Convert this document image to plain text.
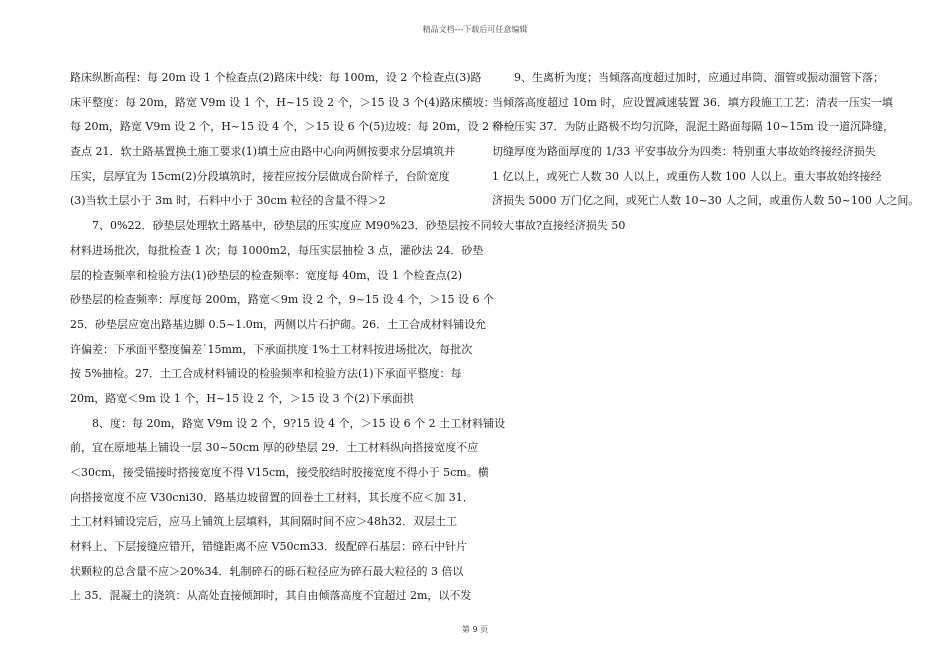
精品文档---下载后可任意编辑
路床纵断高程：每 20m 设 1 个检查点(2)路床中线：每 100m，设 2 个检查点(3)路
床平整度：每 20m，路宽 V9m 设 1 个，H~15 设 2 个，＞15 设 3 个(4)路床横坡：
每 20m，路宽 V9m 设 2 个，H~15 设 4 个，＞15 设 6 个(5)边坡：每 20m，设 2 个检
查点 21．软土路基置换土施工要求(1)填土应由路中心向两侧按要求分层填筑并
压实，层厚宜为 15cm(2)分段填筑时，接茬应按分层做成台阶样子，台阶宽度
(3)当软土层小于 3m 时，石料中小于 30cm 粒径的含量不得＞2
　　7、0%22．砂垫层处理软土路基中，砂垫层的压实度应 M90%23．砂垫层按不同
材料进场批次，每批检查 1 次；每 1000m2，每压实层抽检 3 点，灌砂法 24．砂垫
层的检查频率和检验方法(1)砂垫层的检查频率：宽度每 40m，设 1 个检查点(2)
砂垫层的检查频率：厚度每 200m，路宽＜9m 设 2 个，9~15 设 4 个，＞15 设 6 个
25．砂垫层应宽出路基边脚 0.5~1.0m，两侧以片石护砌。26．土工合成材料铺设允
许偏差：下承面平整度偏差˙15mm，下承面拱度 1%土工材料按进场批次，每批次
按 5%抽检。27．土工合成材料铺设的检验频率和检验方法(1)下承面平整度：每
20m，路宽＜9m 设 1 个，H~15 设 2 个，＞15 设 3 个(2)下承面拱
　　8、度：每 20m，路宽 V9m 设 2 个，9?15 设 4 个，＞15 设 6 个 2 土工材料铺设
前，宜在原地基上铺设一层 30~50cm 厚的砂垫层 29．土工材料纵向搭接宽度不应
＜30cm，接受锚接时搭接宽度不得 V15cm，接受胶结时胶接宽度不得小于 5cm。横
向搭接宽度不应 V30cni30．路基边坡留置的回卷土工材料，其长度不应＜加 31．
土工材料铺设完后，应马上铺筑上层填料，其间隔时间不应＞48h32．双层土工
材料上、下层接缝应错开，错缝距离不应 V50cm33．级配碎石基层：碎石中针片
状颗粒的总含量不应＞20%34．轧制碎石的砾石粒径应为碎石最大粒径的 3 倍以
上 35．混凝土的浇筑：从高处直接倾卸时，其自由倾落高度不宜超过 2m，以不发
　　9、生离析为度；当倾落高度超过加时，应通过串筒、溜管或振动溜管下落；
当倾落高度超过 10m 时，应设置减速装置 36．填方段施工工艺：清表一压实一填
料一压实 37．为防止路极不均匀沉降，混泥土路面每隔 10~15m 设一道沉降缝，
切缝厚度为路面厚度的 1/33 平安事故分为四类：特别重大事故始终接经济损失
1 亿以上，或死亡人数 30 人以上，或重伤人数 100 人以上。重大事故始终接经
济损失 5000 万门亿之间，或死亡人数 10~30 人之间，或重伤人数 50~100 人之间。
较大事故?直接经济损失 50
第 9 页
